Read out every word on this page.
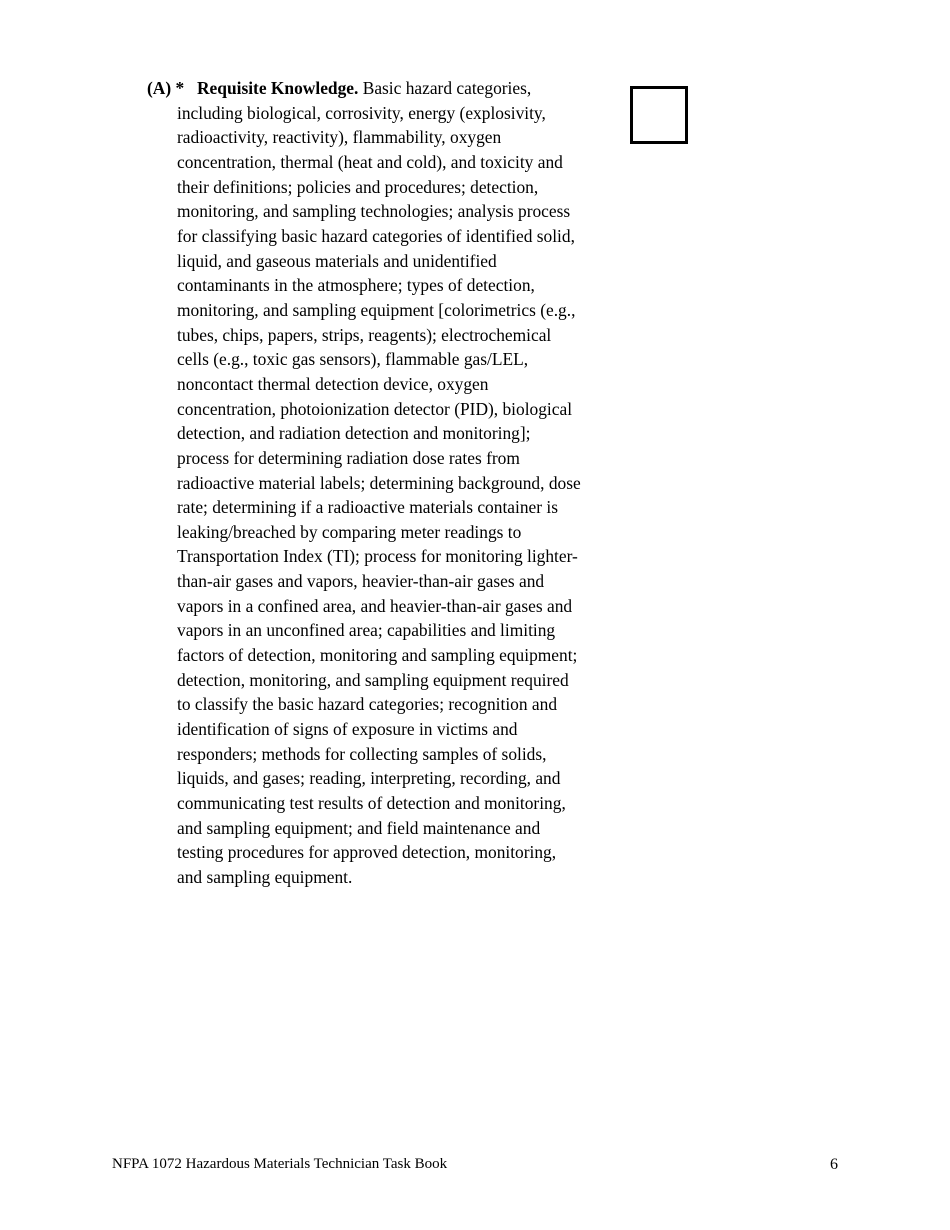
(A) * Requisite Knowledge. Basic hazard categories,
including biological, corrosivity, energy (explosivity,
radioactivity, reactivity), flammability, oxygen
concentration, thermal (heat and cold), and toxicity and
their definitions; policies and procedures; detection,
monitoring, and sampling technologies; analysis process
for classifying basic hazard categories of identified solid,
liquid, and gaseous materials and unidentified
contaminants in the atmosphere; types of detection,
monitoring, and sampling equipment [colorimetrics (e.g.,
tubes, chips, papers, strips, reagents); electrochemical
cells (e.g., toxic gas sensors), flammable gas/LEL,
noncontact thermal detection device, oxygen
concentration, photoionization detector (PID), biological
detection, and radiation detection and monitoring];
process for determining radiation dose rates from
radioactive material labels; determining background, dose
rate; determining if a radioactive materials container is
leaking/breached by comparing meter readings to
Transportation Index (TI); process for monitoring lighter-
than-air gases and vapors, heavier-than-air gases and
vapors in a confined area, and heavier-than-air gases and
vapors in an unconfined area; capabilities and limiting
factors of detection, monitoring and sampling equipment;
detection, monitoring, and sampling equipment required
to classify the basic hazard categories; recognition and
identification of signs of exposure in victims and
responders; methods for collecting samples of solids,
liquids, and gases; reading, interpreting, recording, and
communicating test results of detection and monitoring,
and sampling equipment; and field maintenance and
testing procedures for approved detection, monitoring,
and sampling equipment.
NFPA 1072 Hazardous Materials Technician Task Book	6
